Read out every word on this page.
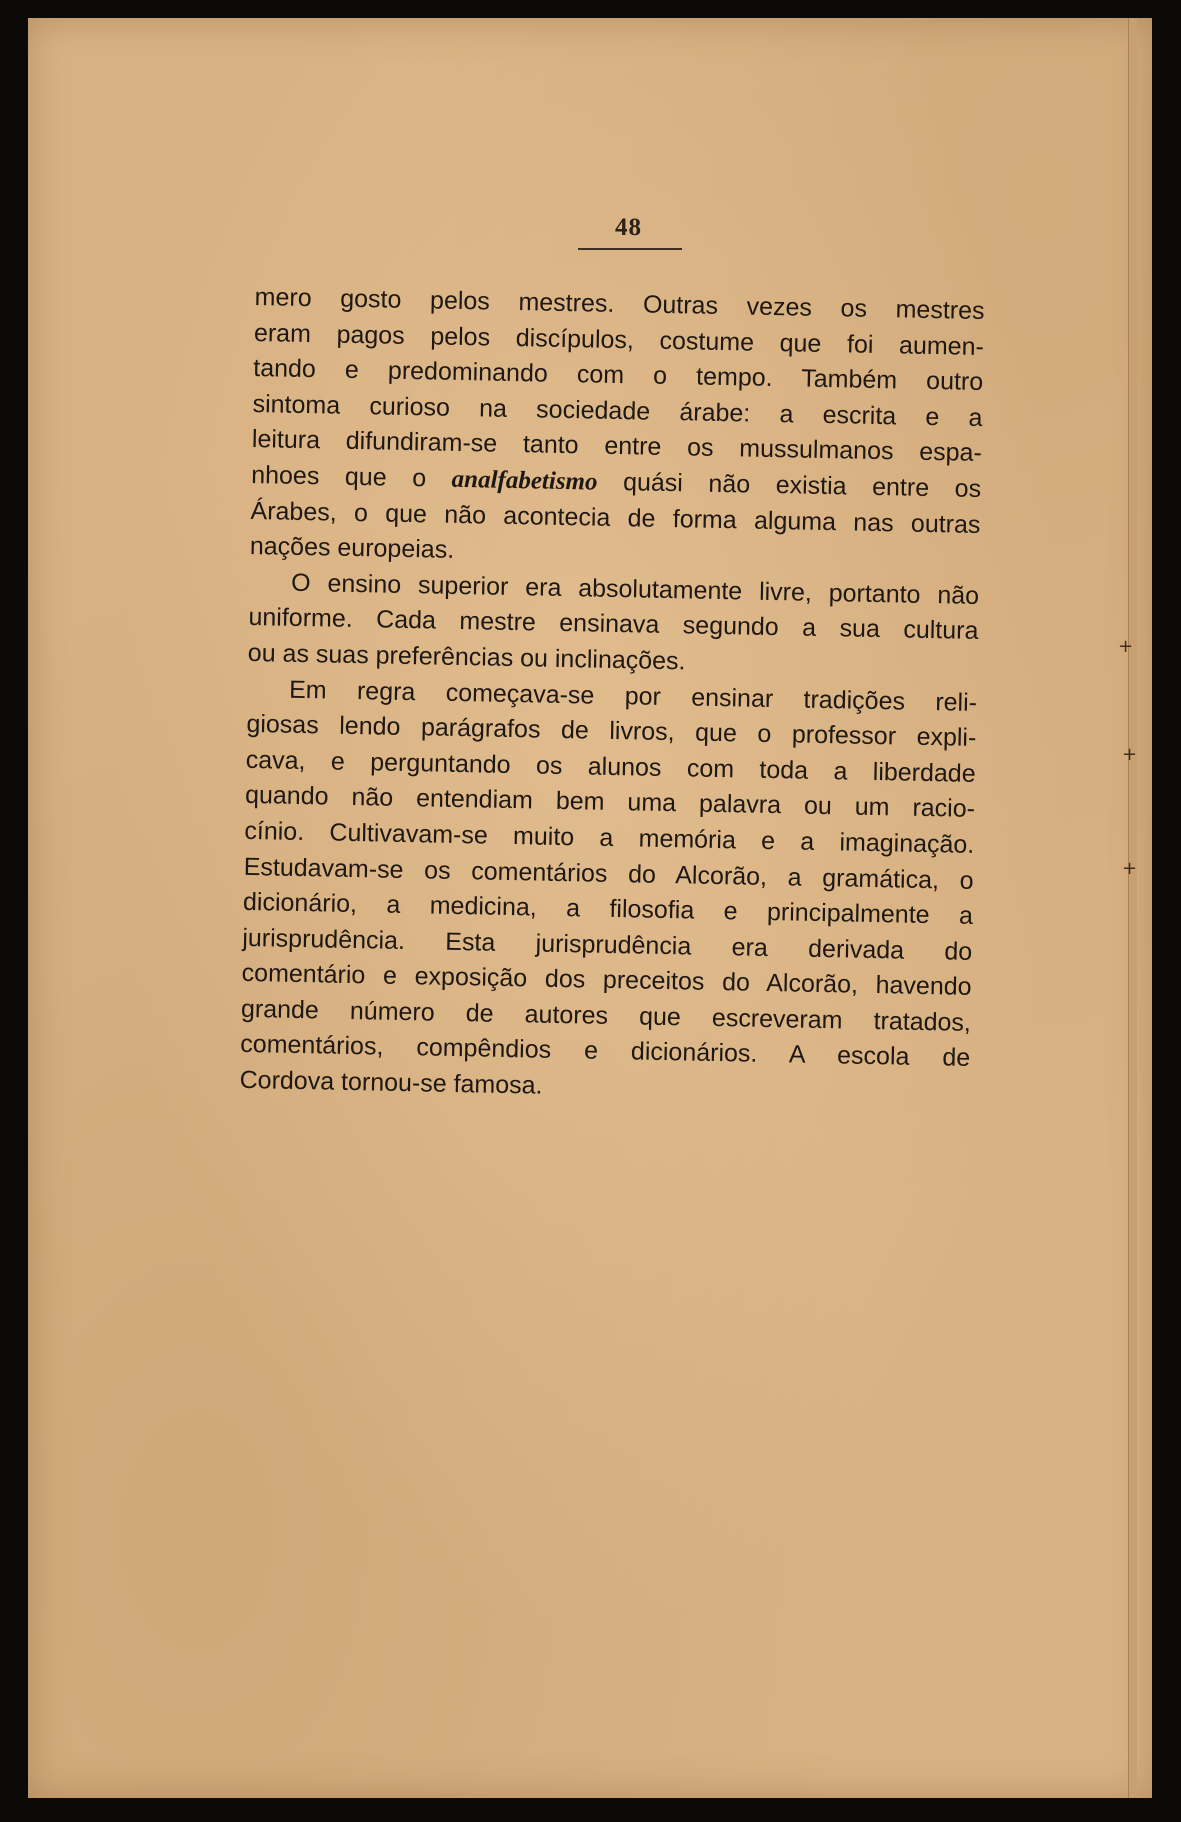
48
mero gosto pelos mestres. Outras vezes os mestres
eram pagos pelos discípulos, costume que foi aumen-
tando e predominando com o tempo. Também outro
sintoma curioso na sociedade árabe: a escrita e a
leitura difundiram-se tanto entre os mussulmanos espa-
nhoes que o analfabetismo quási não existia entre os
Árabes, o que não acontecia de forma alguma nas outras
nações europeias.
O ensino superior era absolutamente livre, portanto não
uniforme. Cada mestre ensinava segundo a sua cultura
ou as suas preferências ou inclinações.
Em regra começava-se por ensinar tradições reli-
giosas lendo parágrafos de livros, que o professor expli-
cava, e perguntando os alunos com toda a liberdade
quando não entendiam bem uma palavra ou um racio-
cínio. Cultivavam-se muito a memória e a imaginação.
Estudavam-se os comentários do Alcorão, a gramática, o
dicionário, a medicina, a filosofia e principalmente a
jurisprudência. Esta jurisprudência era derivada do
comentário e exposição dos preceitos do Alcorão, havendo
grande número de autores que escreveram tratados,
comentários, compêndios e dicionários. A escola de
Cordova tornou-se famosa.
+
+
+
